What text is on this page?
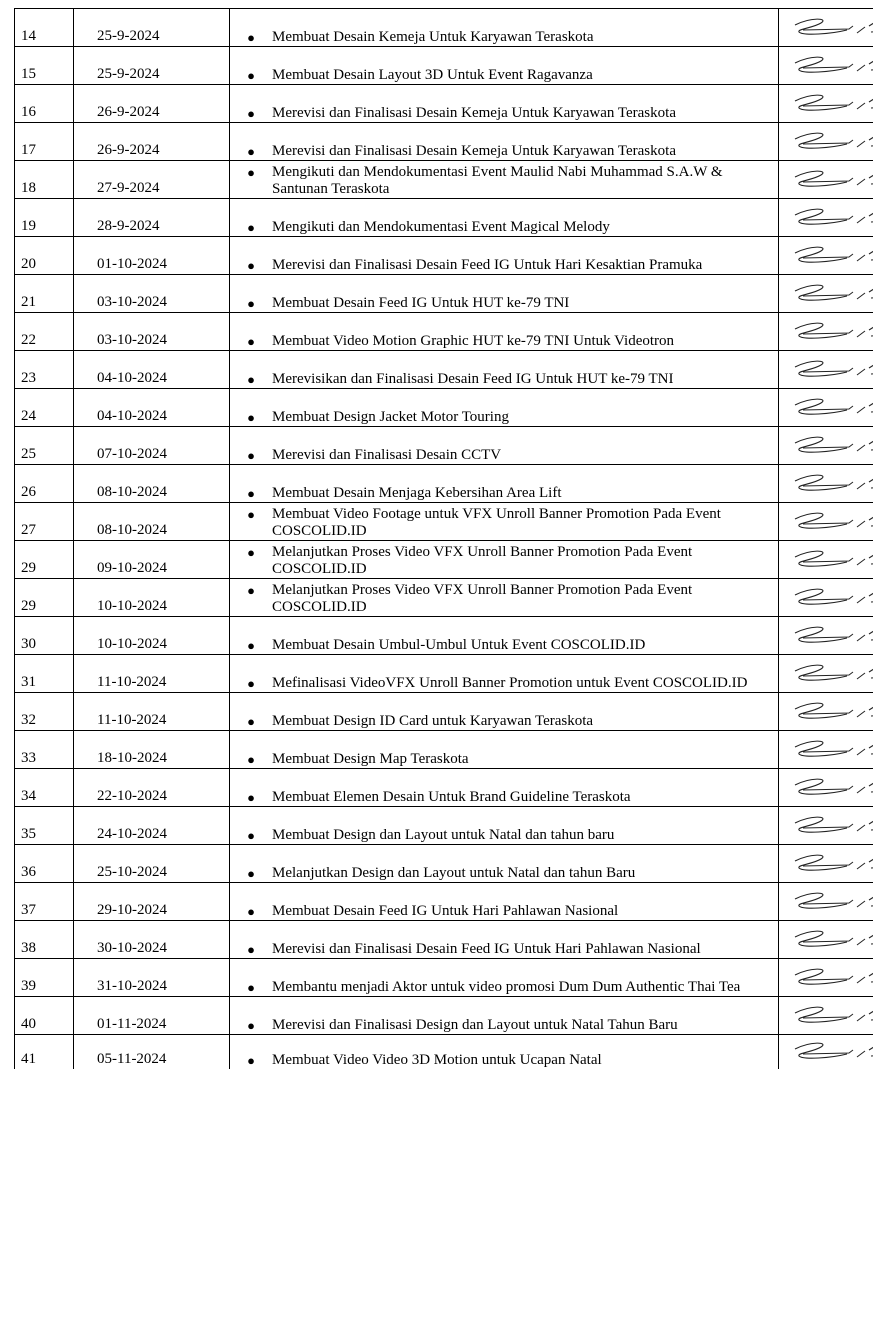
14	25-9-2024	● Membuat Desain Kemeja Untuk Karyawan Teraskota

15	25-9-2024	● Membuat Desain Layout 3D Untuk Event Ragavanza

16	26-9-2024	● Merevisi dan Finalisasi Desain Kemeja Untuk Karyawan Teraskota

17	26-9-2024	● Merevisi dan Finalisasi Desain Kemeja Untuk Karyawan Teraskota

18	27-9-2024	● Mengikuti dan Mendokumentasi Event Maulid Nabi Muhammad S.A.W & Santunan Teraskota

19	28-9-2024	● Mengikuti dan Mendokumentasi Event Magical Melody

20	01-10-2024	● Merevisi dan Finalisasi Desain Feed IG Untuk Hari Kesaktian Pramuka

21	03-10-2024	● Membuat Desain Feed IG Untuk HUT ke-79 TNI

22	03-10-2024	● Membuat Video Motion Graphic HUT ke-79 TNI Untuk Videotron

23	04-10-2024	● Merevisikan dan Finalisasi Desain Feed IG Untuk HUT ke-79 TNI

24	04-10-2024	● Membuat Design Jacket Motor Touring

25	07-10-2024	● Merevisi dan Finalisasi Desain CCTV

26	08-10-2024	● Membuat Desain Menjaga Kebersihan Area Lift

27	08-10-2024	● Membuat Video Footage untuk VFX Unroll Banner Promotion Pada Event COSCOLID.ID

29	09-10-2024	● Melanjutkan Proses Video VFX Unroll Banner Promotion Pada Event COSCOLID.ID

29	10-10-2024	● Melanjutkan Proses Video VFX Unroll Banner Promotion Pada Event COSCOLID.ID

30	10-10-2024	● Membuat Desain Umbul-Umbul Untuk Event COSCOLID.ID

31	11-10-2024	● Mefinalisasi VideoVFX Unroll Banner Promotion untuk Event COSCOLID.ID

32	11-10-2024	● Membuat Design ID Card untuk Karyawan Teraskota

33	18-10-2024	● Membuat Design Map Teraskota

34	22-10-2024	● Membuat Elemen Desain Untuk Brand Guideline Teraskota

35	24-10-2024	● Membuat Design dan Layout untuk Natal dan tahun baru

36	25-10-2024	● Melanjutkan Design dan Layout untuk Natal dan tahun Baru

37	29-10-2024	● Membuat Desain Feed IG Untuk Hari Pahlawan Nasional

38	30-10-2024	● Merevisi dan Finalisasi Desain Feed IG Untuk Hari Pahlawan Nasional

39	31-10-2024	● Membantu menjadi Aktor untuk video promosi Dum Dum Authentic Thai Tea

40	01-11-2024	● Merevisi dan Finalisasi Design dan Layout untuk Natal Tahun Baru

41	05-11-2024	● Membuat Video Video 3D Motion untuk Ucapan Natal
